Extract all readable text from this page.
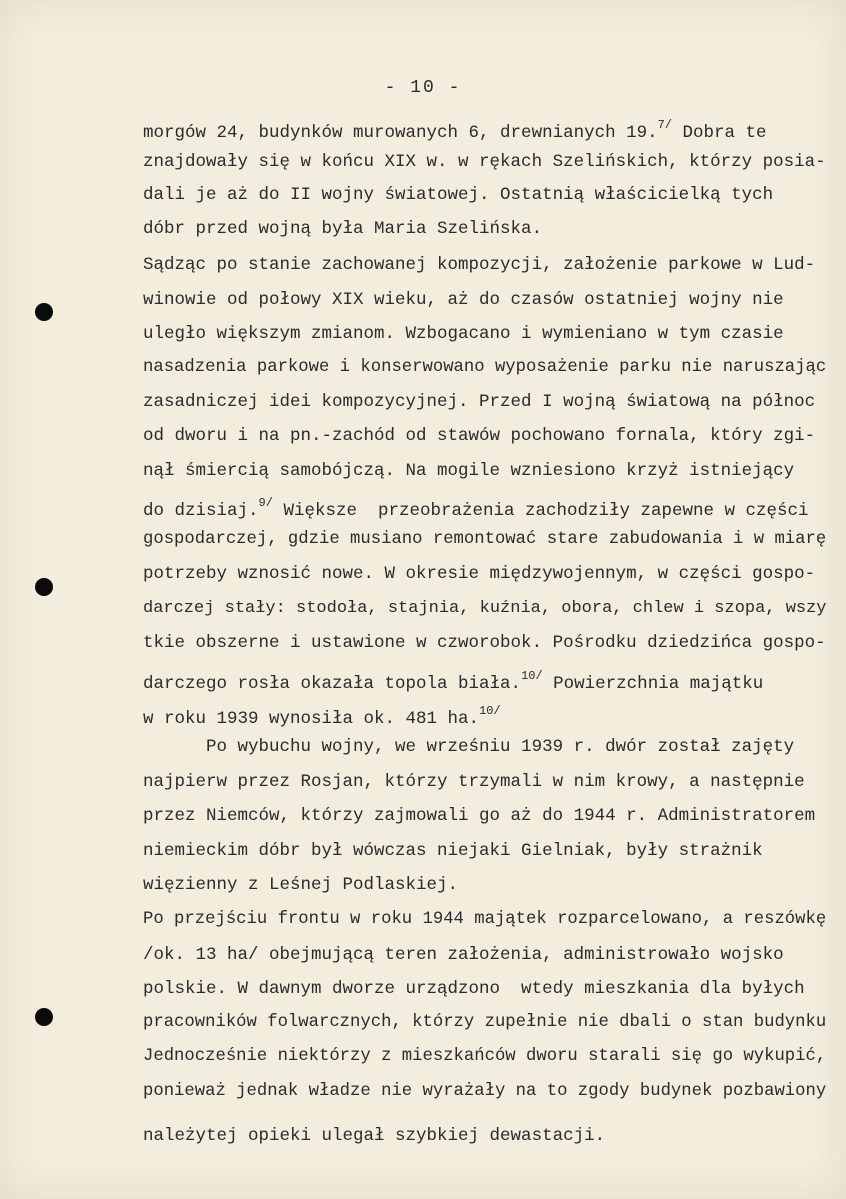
- 10 -
morgów 24, budynków murowanych 6, drewnianych 19.$^{7/}$ Dobra te
znajdowały się w końcu XIX w. w rękach Szelińskich, którzy posia-
dali je aż do II wojny światowej. Ostatnią właścicielką tych
dóbr przed wojną była Maria Szelińska.
Sądząc po stanie zachowanej kompozycji, założenie parkowe w Lud-
winowie od połowy XIX wieku, aż do czasów ostatniej wojny nie
uległo większym zmianom. Wzbogacano i wymieniano w tym czasie
nasadzenia parkowe i konserwowano wyposażenie parku nie naruszając
zasadniczej idei kompozycyjnej. Przed I wojną światową na północ
od dworu i na pn.-zachód od stawów pochowano fornala, który zgi-
nął śmiercią samobójczą. Na mogile wzniesiono krzyż istniejący
do dzisiaj.$^{9/}$ Większe  przeobrażenia zachodziły zapewne w części
gospodarczej, gdzie musiano remontować stare zabudowania i w miarę
potrzeby wznosić nowe. W okresie międzywojennym, w części gospo-
darczej stały: stodoła, stajnia, kuźnia, obora, chlew i szopa, wszy
tkie obszerne i ustawione w czworobok. Pośrodku dziedzińca gospo-
darczego rosła okazała topola biała.$^{10/}$ Powierzchnia majątku
w roku 1939 wynosiła ok. 481 ha.$^{10/}$
Po wybuchu wojny, we wrześniu 1939 r. dwór został zajęty
najpierw przez Rosjan, którzy trzymali w nim krowy, a następnie
przez Niemców, którzy zajmowali go aż do 1944 r. Administratorem
niemieckim dóbr był wówczas niejaki Gielniak, były strażnik
więzienny z Leśnej Podlaskiej.
Po przejściu frontu w roku 1944 majątek rozparcelowano, a reszówkę
/ok. 13 ha/ obejmującą teren założenia, administrowało wojsko
polskie. W dawnym dworze urządzono  wtedy mieszkania dla byłych
pracowników folwarcznych, którzy zupełnie nie dbali o stan budynku
Jednocześnie niektórzy z mieszkańców dworu starali się go wykupić,
ponieważ jednak władze nie wyrażały na to zgody budynek pozbawiony
należytej opieki ulegał szybkiej dewastacji.
